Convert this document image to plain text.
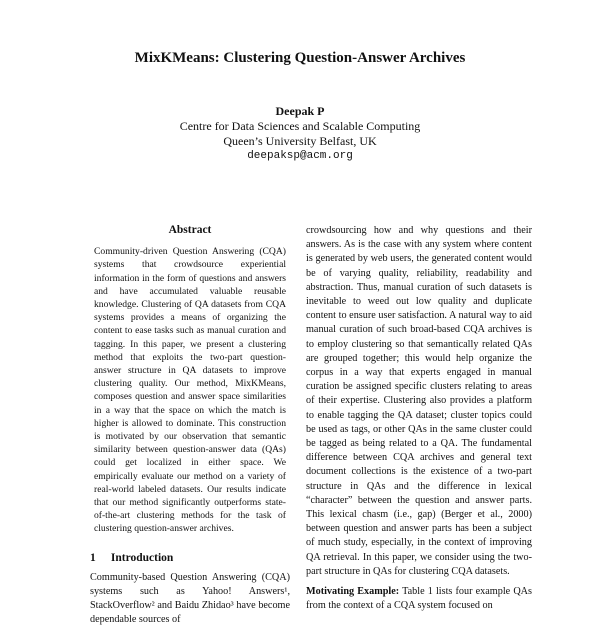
MixKMeans: Clustering Question-Answer Archives
Deepak P
Centre for Data Sciences and Scalable Computing
Queen’s University Belfast, UK
deepaksp@acm.org
Abstract

Community-driven Question Answering (CQA) systems that crowdsource experiential information in the form of questions and answers and have accumulated valuable reusable knowledge. Clustering of QA datasets from CQA systems provides a means of organizing the content to ease tasks such as manual curation and tagging. In this paper, we present a clustering method that exploits the two-part question-answer structure in QA datasets to improve clustering quality. Our method, MixKMeans, composes question and answer space similarities in a way that the space on which the match is higher is allowed to dominate. This construction is motivated by our observation that semantic similarity between question-answer data (QAs) could get localized in either space. We empirically evaluate our method on a variety of real-world labeled datasets. Our results indicate that our method significantly outperforms state-of-the-art clustering methods for the task of clustering question-answer archives.

1 Introduction

Community-based Question Answering (CQA) systems such as Yahoo! Answers¹, StackOverflow² and Baidu Zhidao³ have become dependable sources of

crowdsourcing how and why questions and their answers. As is the case with any system where content is generated by web users, the generated content would be of varying quality, reliability, readability and abstraction. Thus, manual curation of such datasets is inevitable to weed out low quality and duplicate content to ensure user satisfaction. A natural way to aid manual curation of such broad-based CQA archives is to employ clustering so that semantically related QAs are grouped together; this would help organize the corpus in a way that experts engaged in manual curation be assigned specific clusters relating to areas of their expertise. Clustering also provides a platform to enable tagging the QA dataset; cluster topics could be used as tags, or other QAs in the same cluster could be tagged as being related to a QA. The fundamental difference between CQA archives and general text document collections is the existence of a two-part structure in QAs and the difference in lexical “character” between the question and answer parts. This lexical chasm (i.e., gap) (Berger et al., 2000) between question and answer parts has been a subject of much study, especially, in the context of improving QA retrieval. In this paper, we consider using the two-part structure in QAs for clustering CQA datasets.

Motivating Example: Table 1 lists four example QAs from the context of a CQA system focused on
